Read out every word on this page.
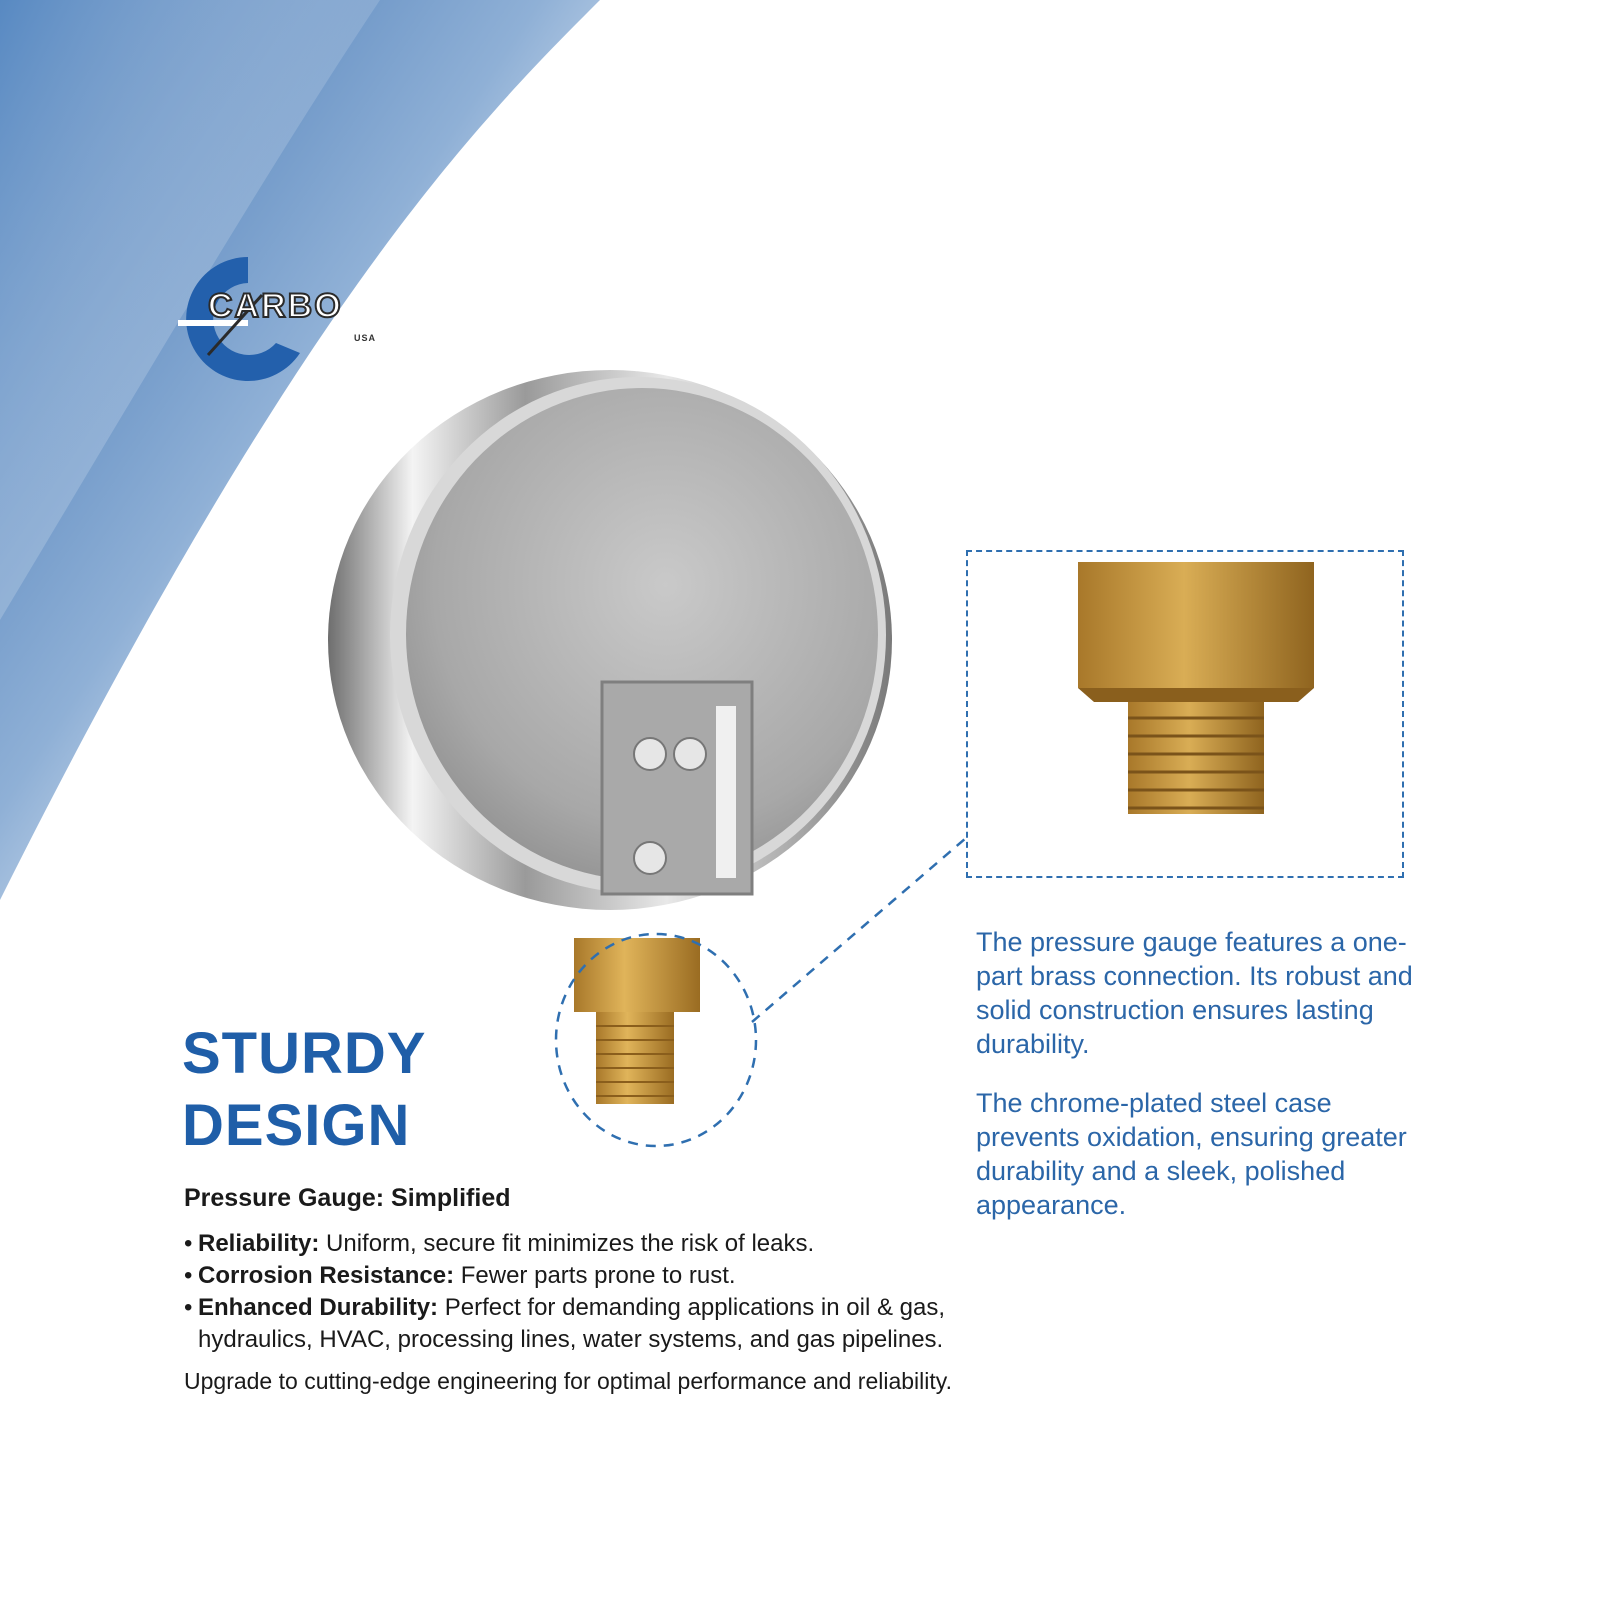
CARBO
USA
The pressure gauge features a one-part brass connection. Its robust and solid construction ensures lasting durability.
The chrome-plated steel case prevents oxidation, ensuring greater durability and a sleek, polished appearance.
STURDY
DESIGN
Pressure Gauge: Simplified
• Reliability: Uniform, secure fit minimizes the risk of leaks.
• Corrosion Resistance: Fewer parts prone to rust.
• Enhanced Durability: Perfect for demanding applications in oil & gas, hydraulics, HVAC, processing lines, water systems, and gas pipelines.
Upgrade to cutting-edge engineering for optimal performance and reliability.
